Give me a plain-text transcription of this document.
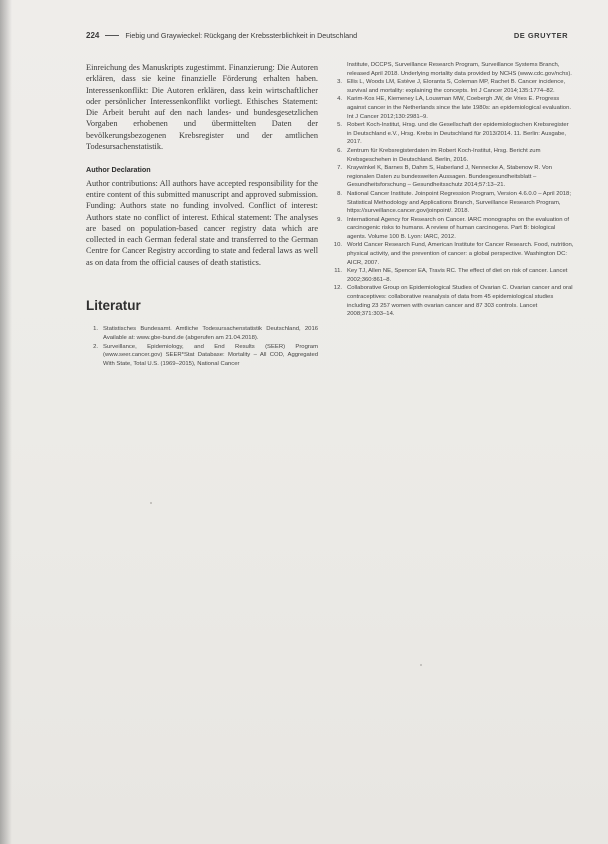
224	Fiebig und Graywieckel: Rückgang der Krebssterblichkeit in Deutschland	DE GRUYTER

Einreichung des Manuskripts zugestimmt. Finanzierung: Die Autoren erklären, dass sie keine finanzielle Förderung erhalten haben. Interessenkonflikt: Die Autoren erklären, dass kein wirtschaftlicher oder persönlicher Interessenkonflikt vorliegt. Ethisches Statement: Die Arbeit beruht auf den nach landes- und bundesgesetzlichen Vorgaben erhobenen und übermittelten Daten der bevölkerungsbezogenen Krebsregister und der amtlichen Todesursachenstatistik.

Author Declaration

Author contributions: All authors have accepted responsibility for the entire content of this submitted manuscript and approved submission. Funding: Authors state no funding involved. Conflict of interest: Authors state no conflict of interest. Ethical statement: The analyses are based on population-based cancer registry data which are collected in each German federal state and transferred to the German Centre for Cancer Registry according to state and federal laws as well as on data from the official causes of death statistics.

Literatur
1. Statistisches Bundesamt. Amtliche Todesursachenstatistik Deutschland, 2016 Available at: www.gbe-bund.de (abgerufen am 21.04.2018).
2. Surveillance, Epidemiology, and End Results (SEER) Program (www.seer.cancer.gov) SEER*Stat Database: Mortality – All COD, Aggregated With State, Total U.S. (1969–2015), National Cancer
Institute, DCCPS, Surveillance Research Program, Surveillance Systems Branch, released April 2018. Underlying mortality data provided by NCHS (www.cdc.gov/nchs).
3. Ellis L, Woods LM, Estève J, Eloranta S, Coleman MP, Rachet B. Cancer incidence, survival and mortality: explaining the concepts. Int J Cancer 2014;135:1774–82.
4. Karim-Kos HE, Kiemeney LA, Louwman MW, Coebergh JW, de Vries E. Progress against cancer in the Netherlands since the late 1980s: an epidemiological evaluation. Int J Cancer 2012;130:2981–9.
5. Robert Koch-Institut, Hrsg. und die Gesellschaft der epidemiologischen Krebsregister in Deutschland e.V., Hrsg. Krebs in Deutschland für 2013/2014. 11. Berlin: Ausgabe, 2017.
6. Zentrum für Krebsregisterdaten im Robert Koch-Institut, Hrsg. Bericht zum Krebsgeschehen in Deutschland. Berlin, 2016.
7. Kraywinkel K, Barnes B, Dahm S, Haberland J, Nennecke A, Stabenow R. Von regionalen Daten zu bundesweiten Aussagen. Bundesgesundheitsblatt – Gesundheitsforschung – Gesundheitsschutz 2014;57:13–21.
8. National Cancer Institute. Joinpoint Regression Program, Version 4.6.0.0 – April 2018; Statistical Methodology and Applications Branch, Surveillance Research Program, https://surveillance.cancer.gov/joinpoint/. 2018.
9. International Agency for Research on Cancer. IARC monographs on the evaluation of carcinogenic risks to humans. A review of human carcinogens. Part B: biological agents. Volume 100 B. Lyon: IARC, 2012.
10. World Cancer Research Fund, American Institute for Cancer Research. Food, nutrition, physical activity, and the prevention of cancer: a global perspective. Washington DC: AICR, 2007.
11. Key TJ, Allen NE, Spencer EA, Travis RC. The effect of diet on risk of cancer. Lancet 2002;360:861–8.
12. Collaborative Group on Epidemiological Studies of Ovarian C. Ovarian cancer and oral contraceptives: collaborative reanalysis of data from 45 epidemiological studies including 23 257 women with ovarian cancer and 87 303 controls. Lancet 2008;371:303–14.
